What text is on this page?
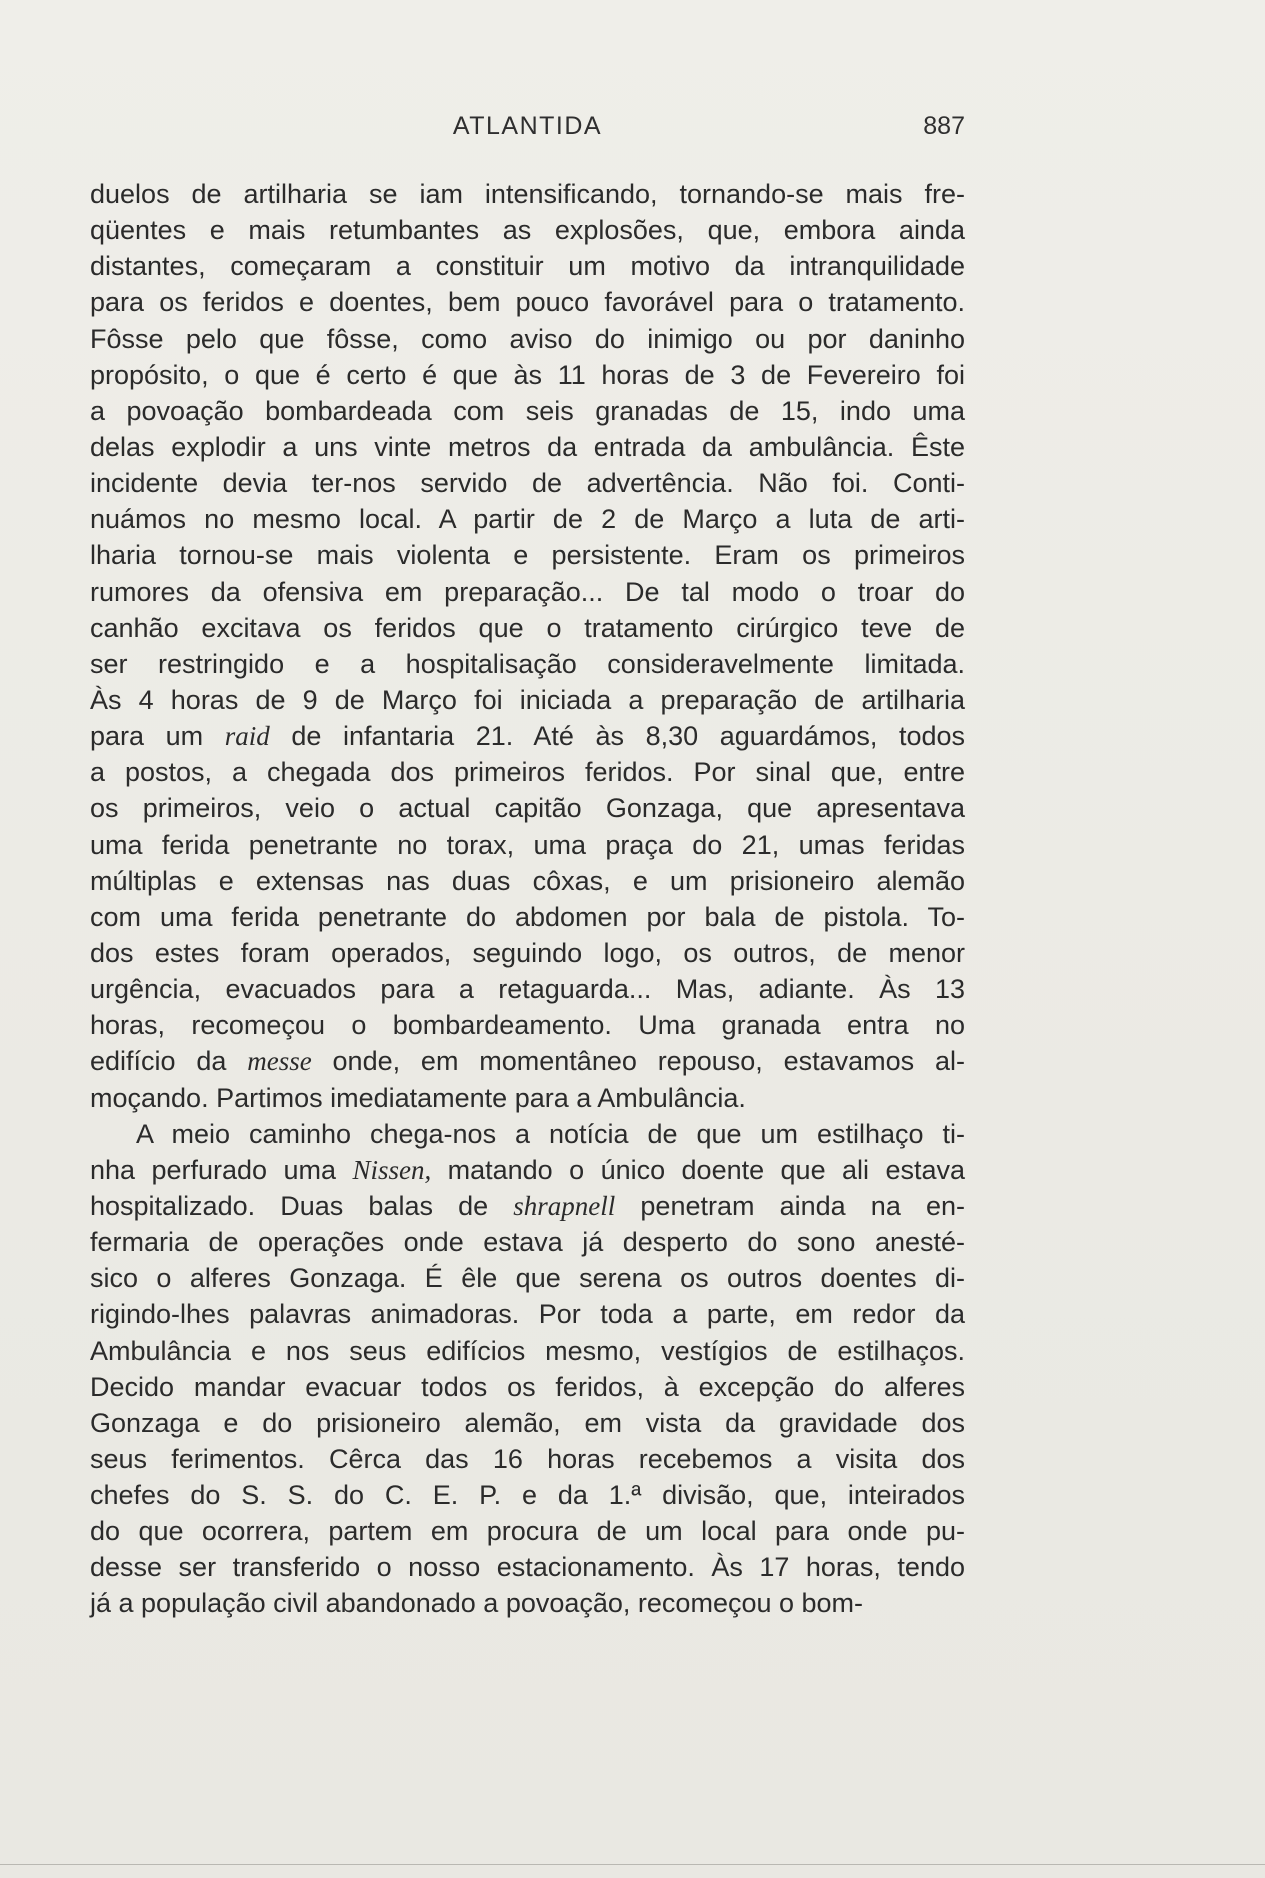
ATLANTIDA	887
duelos de artilharia se iam intensificando, tornando-se mais fre-
qüentes e mais retumbantes as explosões, que, embora ainda
distantes, começaram a constituir um motivo da intranquilidade
para os feridos e doentes, bem pouco favorável para o tratamento.
Fôsse pelo que fôsse, como aviso do inimigo ou por daninho
propósito, o que é certo é que às 11 horas de 3 de Fevereiro foi
a povoação bombardeada com seis granadas de 15, indo uma
delas explodir a uns vinte metros da entrada da ambulância. Êste
incidente devia ter-nos servido de advertência. Não foi. Conti-
nuámos no mesmo local. A partir de 2 de Março a luta de arti-
lharia tornou-se mais violenta e persistente. Eram os primeiros
rumores da ofensiva em preparação... De tal modo o troar do
canhão excitava os feridos que o tratamento cirúrgico teve de
ser restringido e a hospitalisação consideravelmente limitada.
Às 4 horas de 9 de Março foi iniciada a preparação de artilharia
para um raid de infantaria 21. Até às 8,30 aguardámos, todos
a postos, a chegada dos primeiros feridos. Por sinal que, entre
os primeiros, veio o actual capitão Gonzaga, que apresentava
uma ferida penetrante no torax, uma praça do 21, umas feridas
múltiplas e extensas nas duas côxas, e um prisioneiro alemão
com uma ferida penetrante do abdomen por bala de pistola. To-
dos estes foram operados, seguindo logo, os outros, de menor
urgência, evacuados para a retaguarda... Mas, adiante. Às 13
horas, recomeçou o bombardeamento. Uma granada entra no
edifício da messe onde, em momentâneo repouso, estavamos al-
moçando. Partimos imediatamente para a Ambulância.
A meio caminho chega-nos a notícia de que um estilhaço ti-
nha perfurado uma Nissen, matando o único doente que ali estava
hospitalizado. Duas balas de shrapnell penetram ainda na en-
fermaria de operações onde estava já desperto do sono anesté-
sico o alferes Gonzaga. É êle que serena os outros doentes di-
rigindo-lhes palavras animadoras. Por toda a parte, em redor da
Ambulância e nos seus edifícios mesmo, vestígios de estilhaços.
Decido mandar evacuar todos os feridos, à excepção do alferes
Gonzaga e do prisioneiro alemão, em vista da gravidade dos
seus ferimentos. Cêrca das 16 horas recebemos a visita dos
chefes do S. S. do C. E. P. e da 1.ª divisão, que, inteirados
do que ocorrera, partem em procura de um local para onde pu-
desse ser transferido o nosso estacionamento. Às 17 horas, tendo
já a população civil abandonado a povoação, recomeçou o bom-
